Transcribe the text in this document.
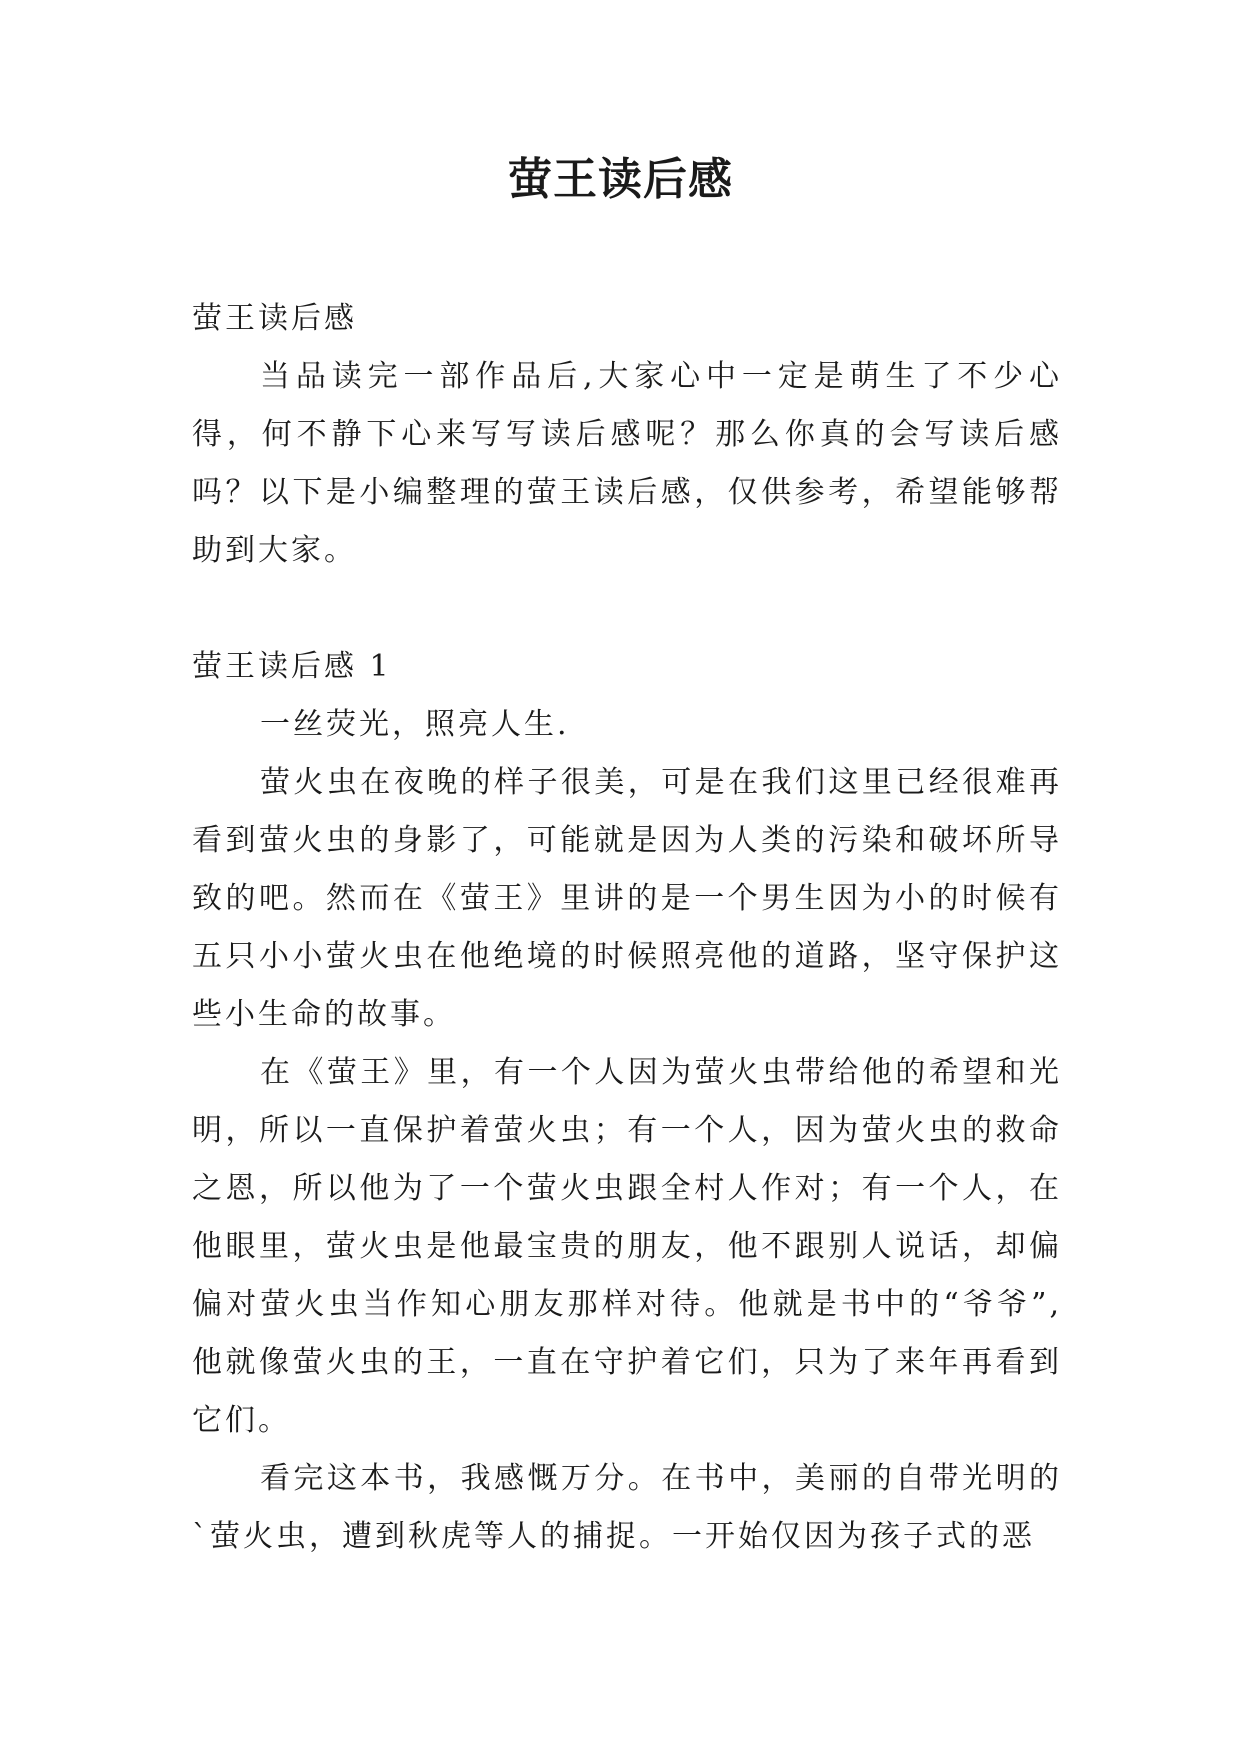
萤王读后感

萤王读后感

当品读完一部作品后,大家心中一定是萌生了不少心得，何不静下心来写写读后感呢？那么你真的会写读后感吗？以下是小编整理的萤王读后感，仅供参考，希望能够帮助到大家。

萤王读后感 1

一丝荧光，照亮人生.

萤火虫在夜晚的样子很美，可是在我们这里已经很难再看到萤火虫的身影了，可能就是因为人类的污染和破坏所导致的吧。然而在《萤王》里讲的是一个男生因为小的时候有五只小小萤火虫在他绝境的时候照亮他的道路，坚守保护这些小生命的故事。

在《萤王》里，有一个人因为萤火虫带给他的希望和光明，所以一直保护着萤火虫；有一个人，因为萤火虫的救命之恩，所以他为了一个萤火虫跟全村人作对；有一个人，在他眼里，萤火虫是他最宝贵的朋友，他不跟别人说话，却偏偏对萤火虫当作知心朋友那样对待。他就是书中的“爷爷”,他就像萤火虫的王，一直在守护着它们，只为了来年再看到它们。

看完这本书，我感慨万分。在书中，美丽的自带光明的`萤火虫，遭到秋虎等人的捕捉。一开始仅因为孩子式的恶
